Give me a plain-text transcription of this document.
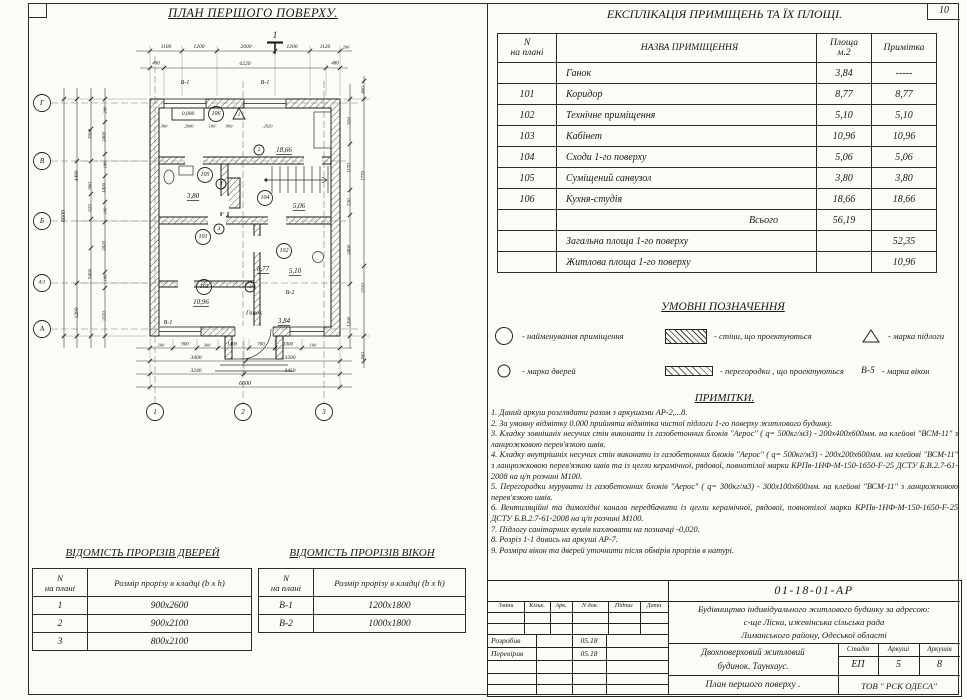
10
ПЛАН ПЕРШОГО ПОВЕРХУ.
1
1100	1200	2000	1200	1120	200
460	6220	480
В-1	В-1
300	2000	100 900	2920
6600
4490
1290
3000
900
620
5400
200
2400
100
1400
100
2420
100
2110
920
1170
530
2400
1200
400
1770
2110
400
200	900	300	1400	700	1000	100
3400	3200
3240	3450
6600
0,000	106	1
2 18,66
105
3
3,80	104
5,06
101
3
8,77
102
5,10
103
10,96
В-2
1
Ганок
3,84
В-1
Г
В
Б
А/1
А
1	2	3
ЕКСПЛІКАЦІЯ ПРИМІЩЕНЬ ТА ЇХ ПЛОЩІ.
N
на плані	НАЗВА ПРИМІЩЕННЯ	Площа
м.2	Примітка
	Ганок	3,84	-----
101	Коридор	8,77	8,77
102	Технічне приміщення	5,10	5,10
103	Кабінет	10,96	10,96
104	Сходи 1-го поверху	5,06	5,06
105	Суміщений санвузол	3,80	3,80
106	Кухня-студія	18,66	18,66
	Всього	56,19	
	Загальна площа 1-го поверху		52,35
	Житлова площа 1-го поверху		10,96
УМОВНІ ПОЗНАЧЕННЯ
- найменування приміщення	- стіни, що проектуються	- марка підлоги
- марка дверей	- перегородки , що проектуються В-5 - марка вікон
ПРИМІТКИ.
1. Даний аркуш розглядати разом з аркушами АР-2,...8.
2. За умовну відмітку 0.000 прийнята відмітка чистої підлоги 1-го поверху житлового будинку.
3. Кладку зовнішніх несучих стін виконати із газобетонних блоків "Аерос" ( q= 500кг/м3) - 200х400х600мм. на клейові "ВСМ-11" з ланцюжковою перев'язкою швів.
4. Кладку внутрішніх несучих стін виконати із газобетонних блоків "Аерос" ( q= 500кг/м3) - 200х200х600мм. на клейові "ВСМ-11" з ланцюжковою перев'язкою швів та із цегли керамічної, рядової, повнотілої марки КРПв-1НФ-М-150-1650-F-25 ДСТУ Б.В.2.7-61-2008 на ц/п розчині М100.
5. Перегородки мурувати із газобетонних блоків "Аерос" ( q= 300кг/м3) - 300х100х600мм. на клейові "ВСМ-11" з ланцюжковою перев'язкою швів.
6. Вентиляційні та димохідні канали передбачити із цегли керамічної, рядової, повнотілої марки КРПв-1НФ-М-150-1650-F-25 ДСТУ Б.В.2.7-61-2008 на ц/п розчині М100.
7. Підлогу санітарних вузлів кахлювати на позначці -0,020.
8. Розріз 1-1 дивись на аркуші АР-7.
9. Розміри вікон та дверей уточнити після обмірів прорізів в натурі.
ВІДОМІСТЬ ПРОРІЗІВ ДВЕРЕЙ
N
на плані	Розмір прорізу в кладці (b x h)
1	900х2600
2	900х2100
3	800х2100
ВІДОМІСТЬ ПРОРІЗІВ ВІКОН
N
на плані	Розмір прорізу в кладці (b x h)
В-1	1200х1800
В-2	1000х1800
01-18-01-АР
Будівництво індивідуального житлового будинку за адресою:
с-ще Ліски, ижевінська сільська рада
Лиманського району, Одеської області
Зміни	Кільк.	Арк.	N док.	Підпис	Дата
Розробив	05.18
Перевірив	05.18	Двохповерховий житловий
будинок. Таунхаус.
Стадія	Аркуші	Аркушів
ЕП	5	8
План першого поверху .	ТОВ " РСК ОДЕСА"
